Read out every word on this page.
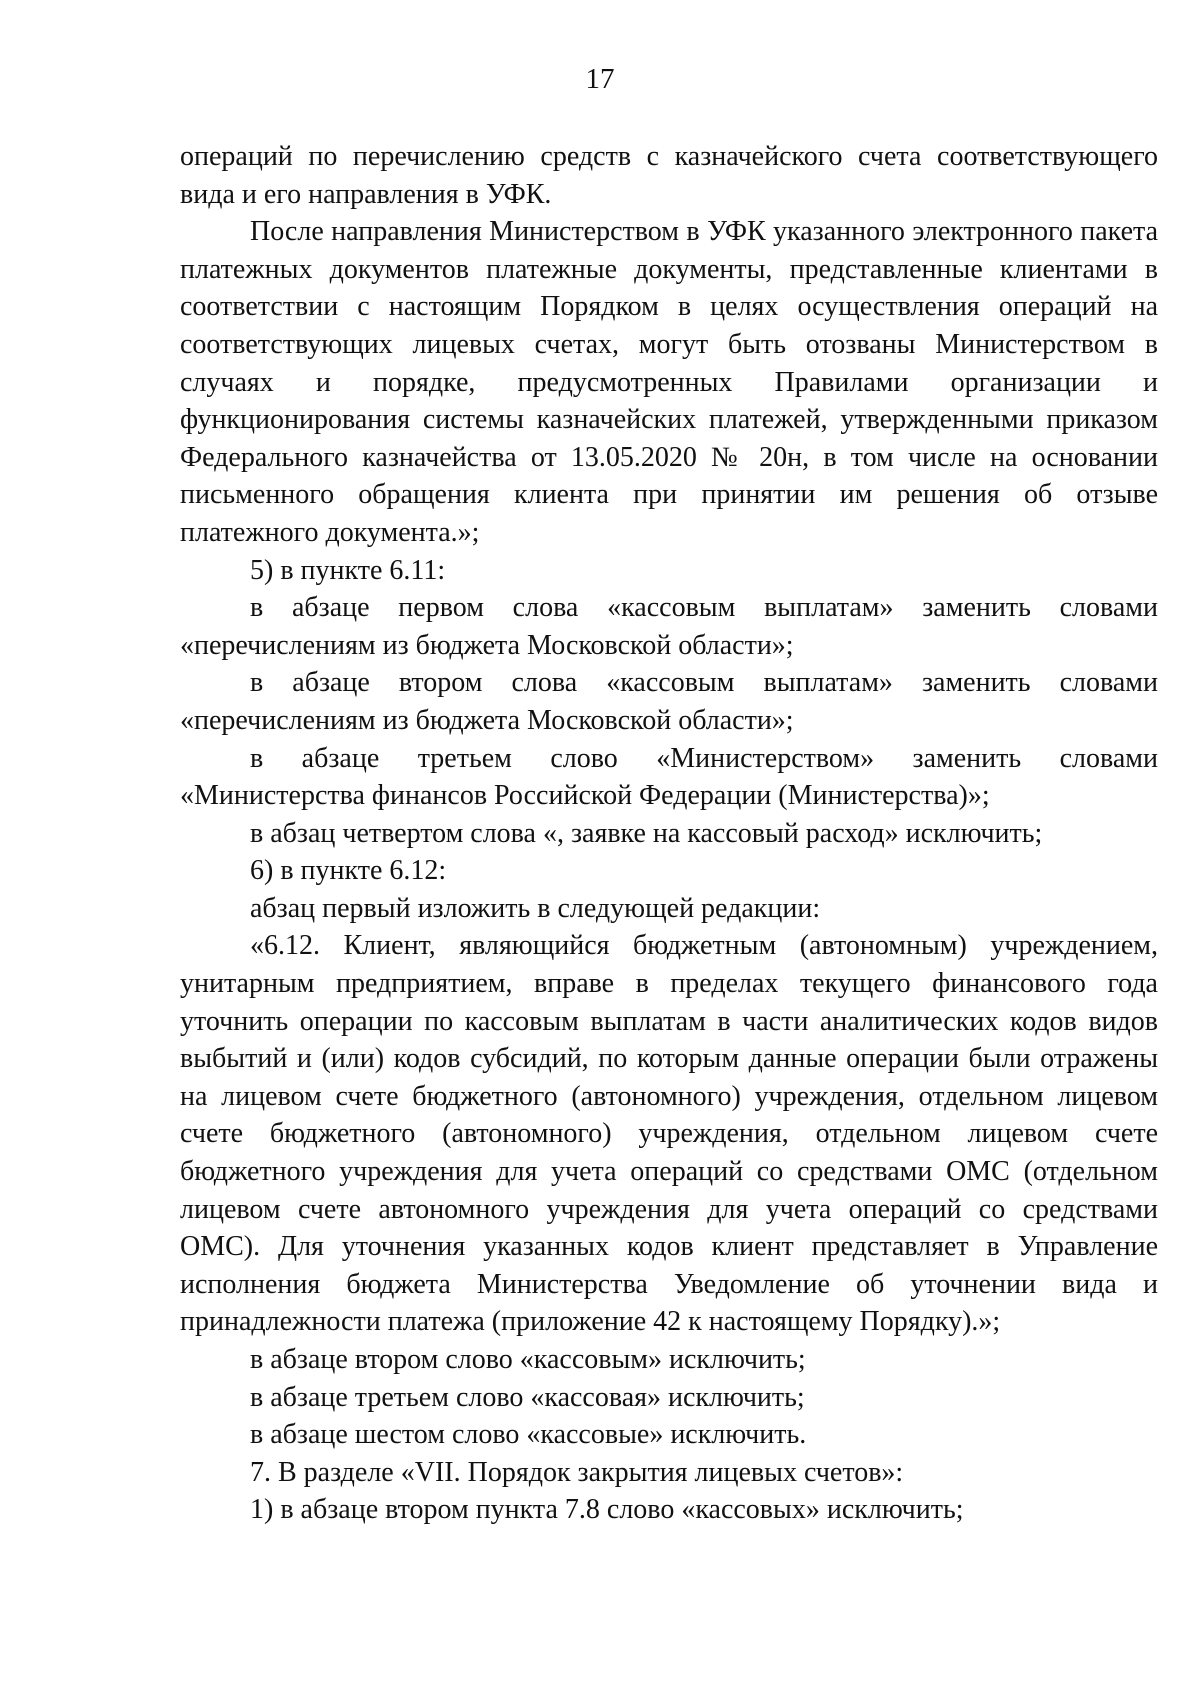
17

операций по перечислению средств с казначейского счета соответствующего вида и его направления в УФК.

После направления Министерством в УФК указанного электронного пакета платежных документов платежные документы, представленные клиентами в соответствии с настоящим Порядком в целях осуществления операций на соответствующих лицевых счетах, могут быть отозваны Министерством в случаях и порядке, предусмотренных Правилами организации и функционирования системы казначейских платежей, утвержденными приказом Федерального казначейства от 13.05.2020 № 20н, в том числе на основании письменного обращения клиента при принятии им решения об отзыве платежного документа.»;

5) в пункте 6.11:

в абзаце первом слова «кассовым выплатам» заменить словами «перечислениям из бюджета Московской области»;

в абзаце втором слова «кассовым выплатам» заменить словами «перечислениям из бюджета Московской области»;

в абзаце третьем слово «Министерством» заменить словами «Министерства финансов Российской Федерации (Министерства)»;

в абзац четвертом слова «, заявке на кассовый расход» исключить;

6) в пункте 6.12:

абзац первый изложить в следующей редакции:

«6.12. Клиент, являющийся бюджетным (автономным) учреждением, унитарным предприятием, вправе в пределах текущего финансового года уточнить операции по кассовым выплатам в части аналитических кодов видов выбытий и (или) кодов субсидий, по которым данные операции были отражены на лицевом счете бюджетного (автономного) учреждения, отдельном лицевом счете бюджетного (автономного) учреждения, отдельном лицевом счете бюджетного учреждения для учета операций со средствами ОМС (отдельном лицевом счете автономного учреждения для учета операций со средствами ОМС). Для уточнения указанных кодов клиент представляет в Управление исполнения бюджета Министерства Уведомление об уточнении вида и принадлежности платежа (приложение 42 к настоящему Порядку).»;

в абзаце втором слово «кассовым» исключить;

в абзаце третьем слово «кассовая» исключить;

в абзаце шестом слово «кассовые» исключить.

7. В разделе «VII. Порядок закрытия лицевых счетов»:

1) в абзаце втором пункта 7.8 слово «кассовых» исключить;
